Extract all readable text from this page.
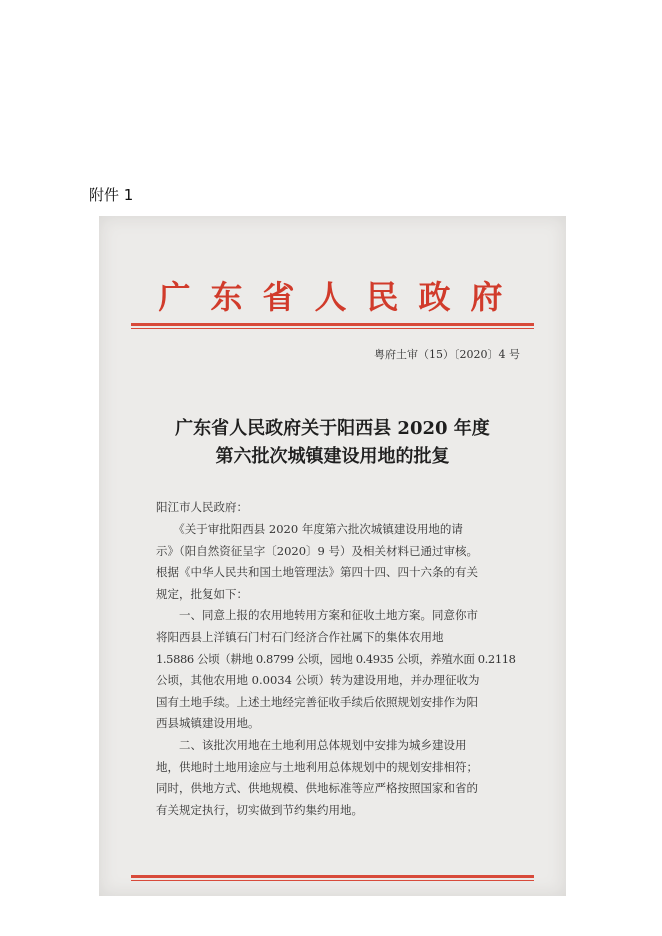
附件 1
广东省人民政府
粤府土审（15）〔2020〕4 号
广东省人民政府关于阳西县 2020 年度
第六批次城镇建设用地的批复
阳江市人民政府：
　　《关于审批阳西县 2020 年度第六批次城镇建设用地的请
示》（阳自然资征呈字〔2020〕9 号）及相关材料已通过审核。
根据《中华人民共和国土地管理法》第四十四、四十六条的有关
规定，批复如下：
　　一、同意上报的农用地转用方案和征收土地方案。同意你市
将阳西县上洋镇石门村石门经济合作社属下的集体农用地
1.5886 公顷（耕地 0.8799 公顷，园地 0.4935 公顷，养殖水面 0.2118
公顷，其他农用地 0.0034 公顷）转为建设用地，并办理征收为
国有土地手续。上述土地经完善征收手续后依照规划安排作为阳
西县城镇建设用地。
　　二、该批次用地在土地利用总体规划中安排为城乡建设用
地，供地时土地用途应与土地利用总体规划中的规划安排相符；
同时，供地方式、供地规模、供地标准等应严格按照国家和省的
有关规定执行，切实做到节约集约用地。
